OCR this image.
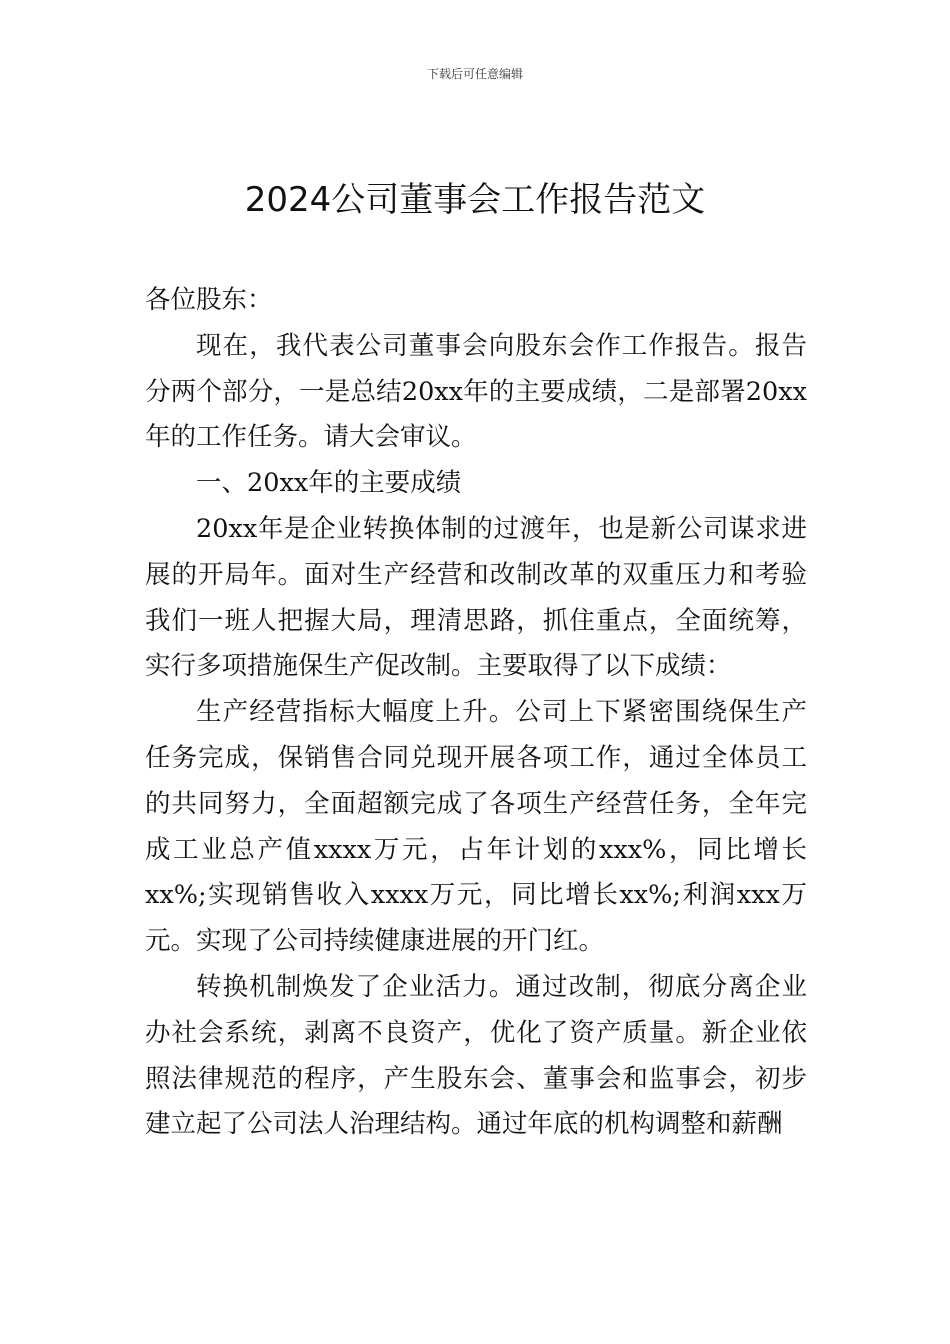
下载后可任意编辑
2024公司董事会工作报告范文

各位股东：

现在，我代表公司董事会向股东会作工作报告。报告分两个部分，一是总结20xx年的主要成绩，二是部署20xx年的工作任务。请大会审议。

一、20xx年的主要成绩

20xx年是企业转换体制的过渡年，也是新公司谋求进展的开局年。面对生产经营和改制改革的双重压力和考验我们一班人把握大局，理清思路，抓住重点，全面统筹，实行多项措施保生产促改制。主要取得了以下成绩：

生产经营指标大幅度上升。公司上下紧密围绕保生产任务完成，保销售合同兑现开展各项工作，通过全体员工的共同努力，全面超额完成了各项生产经营任务，全年完成工业总产值xxxx万元，占年计划的xxx%，同比增长xx%;实现销售收入xxxx万元，同比增长xx%;利润xxx万元。实现了公司持续健康进展的开门红。

转换机制焕发了企业活力。通过改制，彻底分离企业办社会系统，剥离不良资产，优化了资产质量。新企业依照法律规范的程序，产生股东会、董事会和监事会，初步建立起了公司法人治理结构。通过年底的机构调整和薪酬
